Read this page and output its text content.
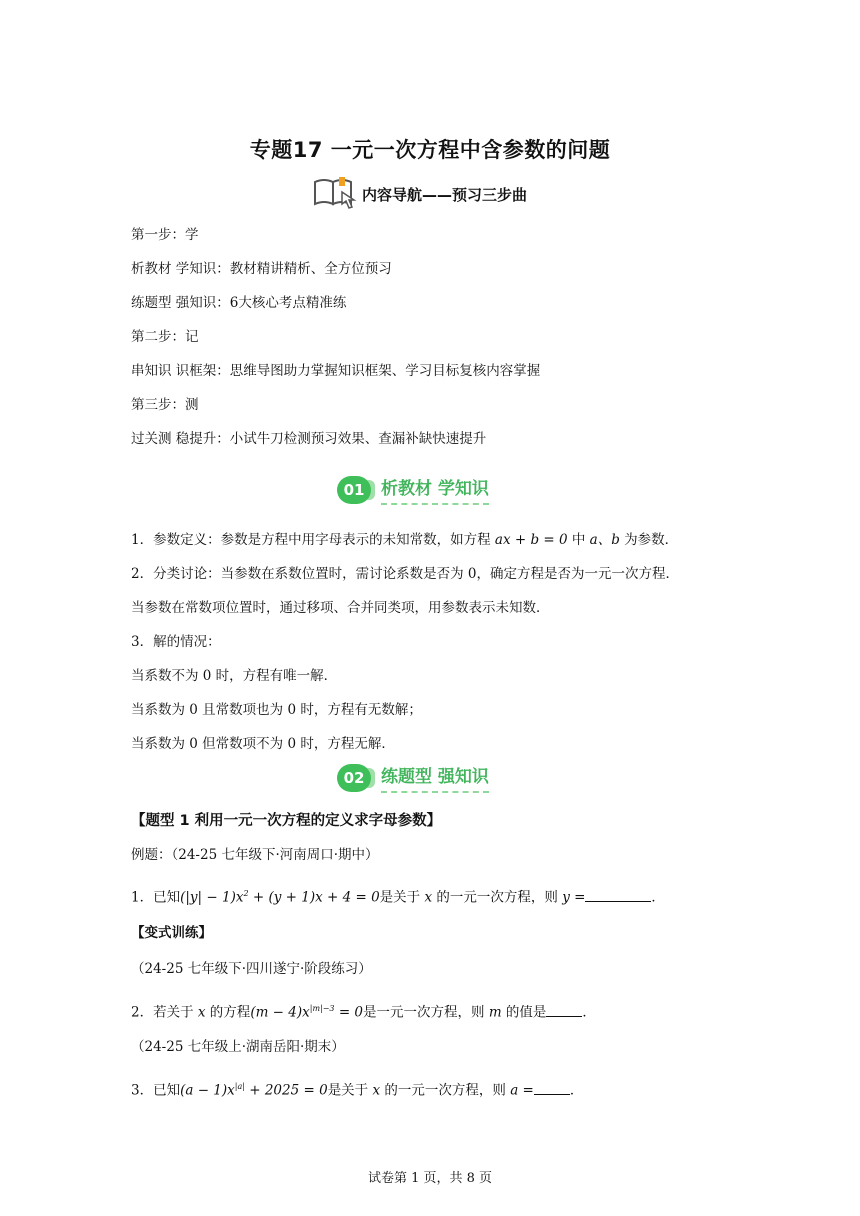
专题17 一元一次方程中含参数的问题
内容导航——预习三步曲
第一步：学
析教材 学知识：教材精讲精析、全方位预习
练题型 强知识：6大核心考点精准练
第二步：记
串知识 识框架：思维导图助力掌握知识框架、学习目标复核内容掌握
第三步：测
过关测 稳提升：小试牛刀检测预习效果、查漏补缺快速提升
01 析教材 学知识
1．参数定义：参数是方程中用字母表示的未知常数，如方程 ax + b = 0 中 a、b 为参数．
2．分类讨论：当参数在系数位置时，需讨论系数是否为 0，确定方程是否为一元一次方程．
当参数在常数项位置时，通过移项、合并同类项，用参数表示未知数．
3．解的情况：
当系数不为 0 时，方程有唯一解．
当系数为 0 且常数项也为 0 时，方程有无数解；
当系数为 0 但常数项不为 0 时，方程无解．
02 练题型 强知识
【题型 1 利用一元一次方程的定义求字母参数】
例题：（24-25 七年级下·河南周口·期中）
1．已知$(|y| - 1)x^2 + (y + 1)x + 4 = 0$是关于 x 的一元一次方程，则 y =	．
【变式训练】
（24-25 七年级下·四川遂宁·阶段练习）
2．若关于 x 的方程$(m - 4)x^{|m|-3} = 0$是一元一次方程，则 m 的值是	．
（24-25 七年级上·湖南岳阳·期末）
3．已知$(a - 1)x^{|a|} + 2025 = 0$是关于 x 的一元一次方程，则 a =	．
试卷第 1 页，共 8 页
